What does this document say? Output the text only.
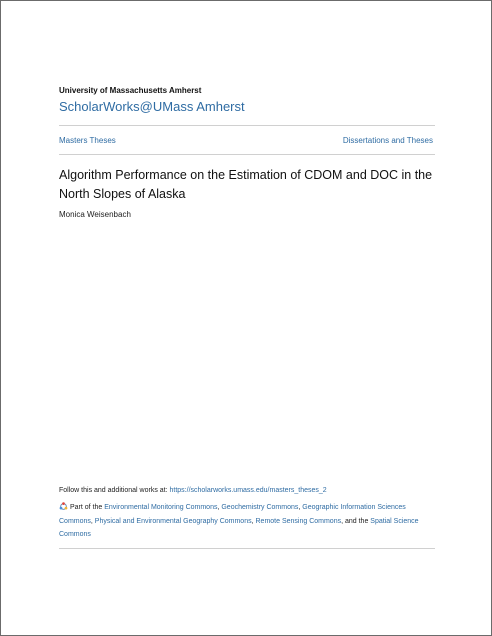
University of Massachusetts Amherst
ScholarWorks@UMass Amherst
Masters Theses	Dissertations and Theses
Algorithm Performance on the Estimation of CDOM and DOC in the North Slopes of Alaska
Monica Weisenbach
Follow this and additional works at: https://scholarworks.umass.edu/masters_theses_2
Part of the Environmental Monitoring Commons, Geochemistry Commons, Geographic Information Sciences Commons, Physical and Environmental Geography Commons, Remote Sensing Commons, and the Spatial Science Commons
